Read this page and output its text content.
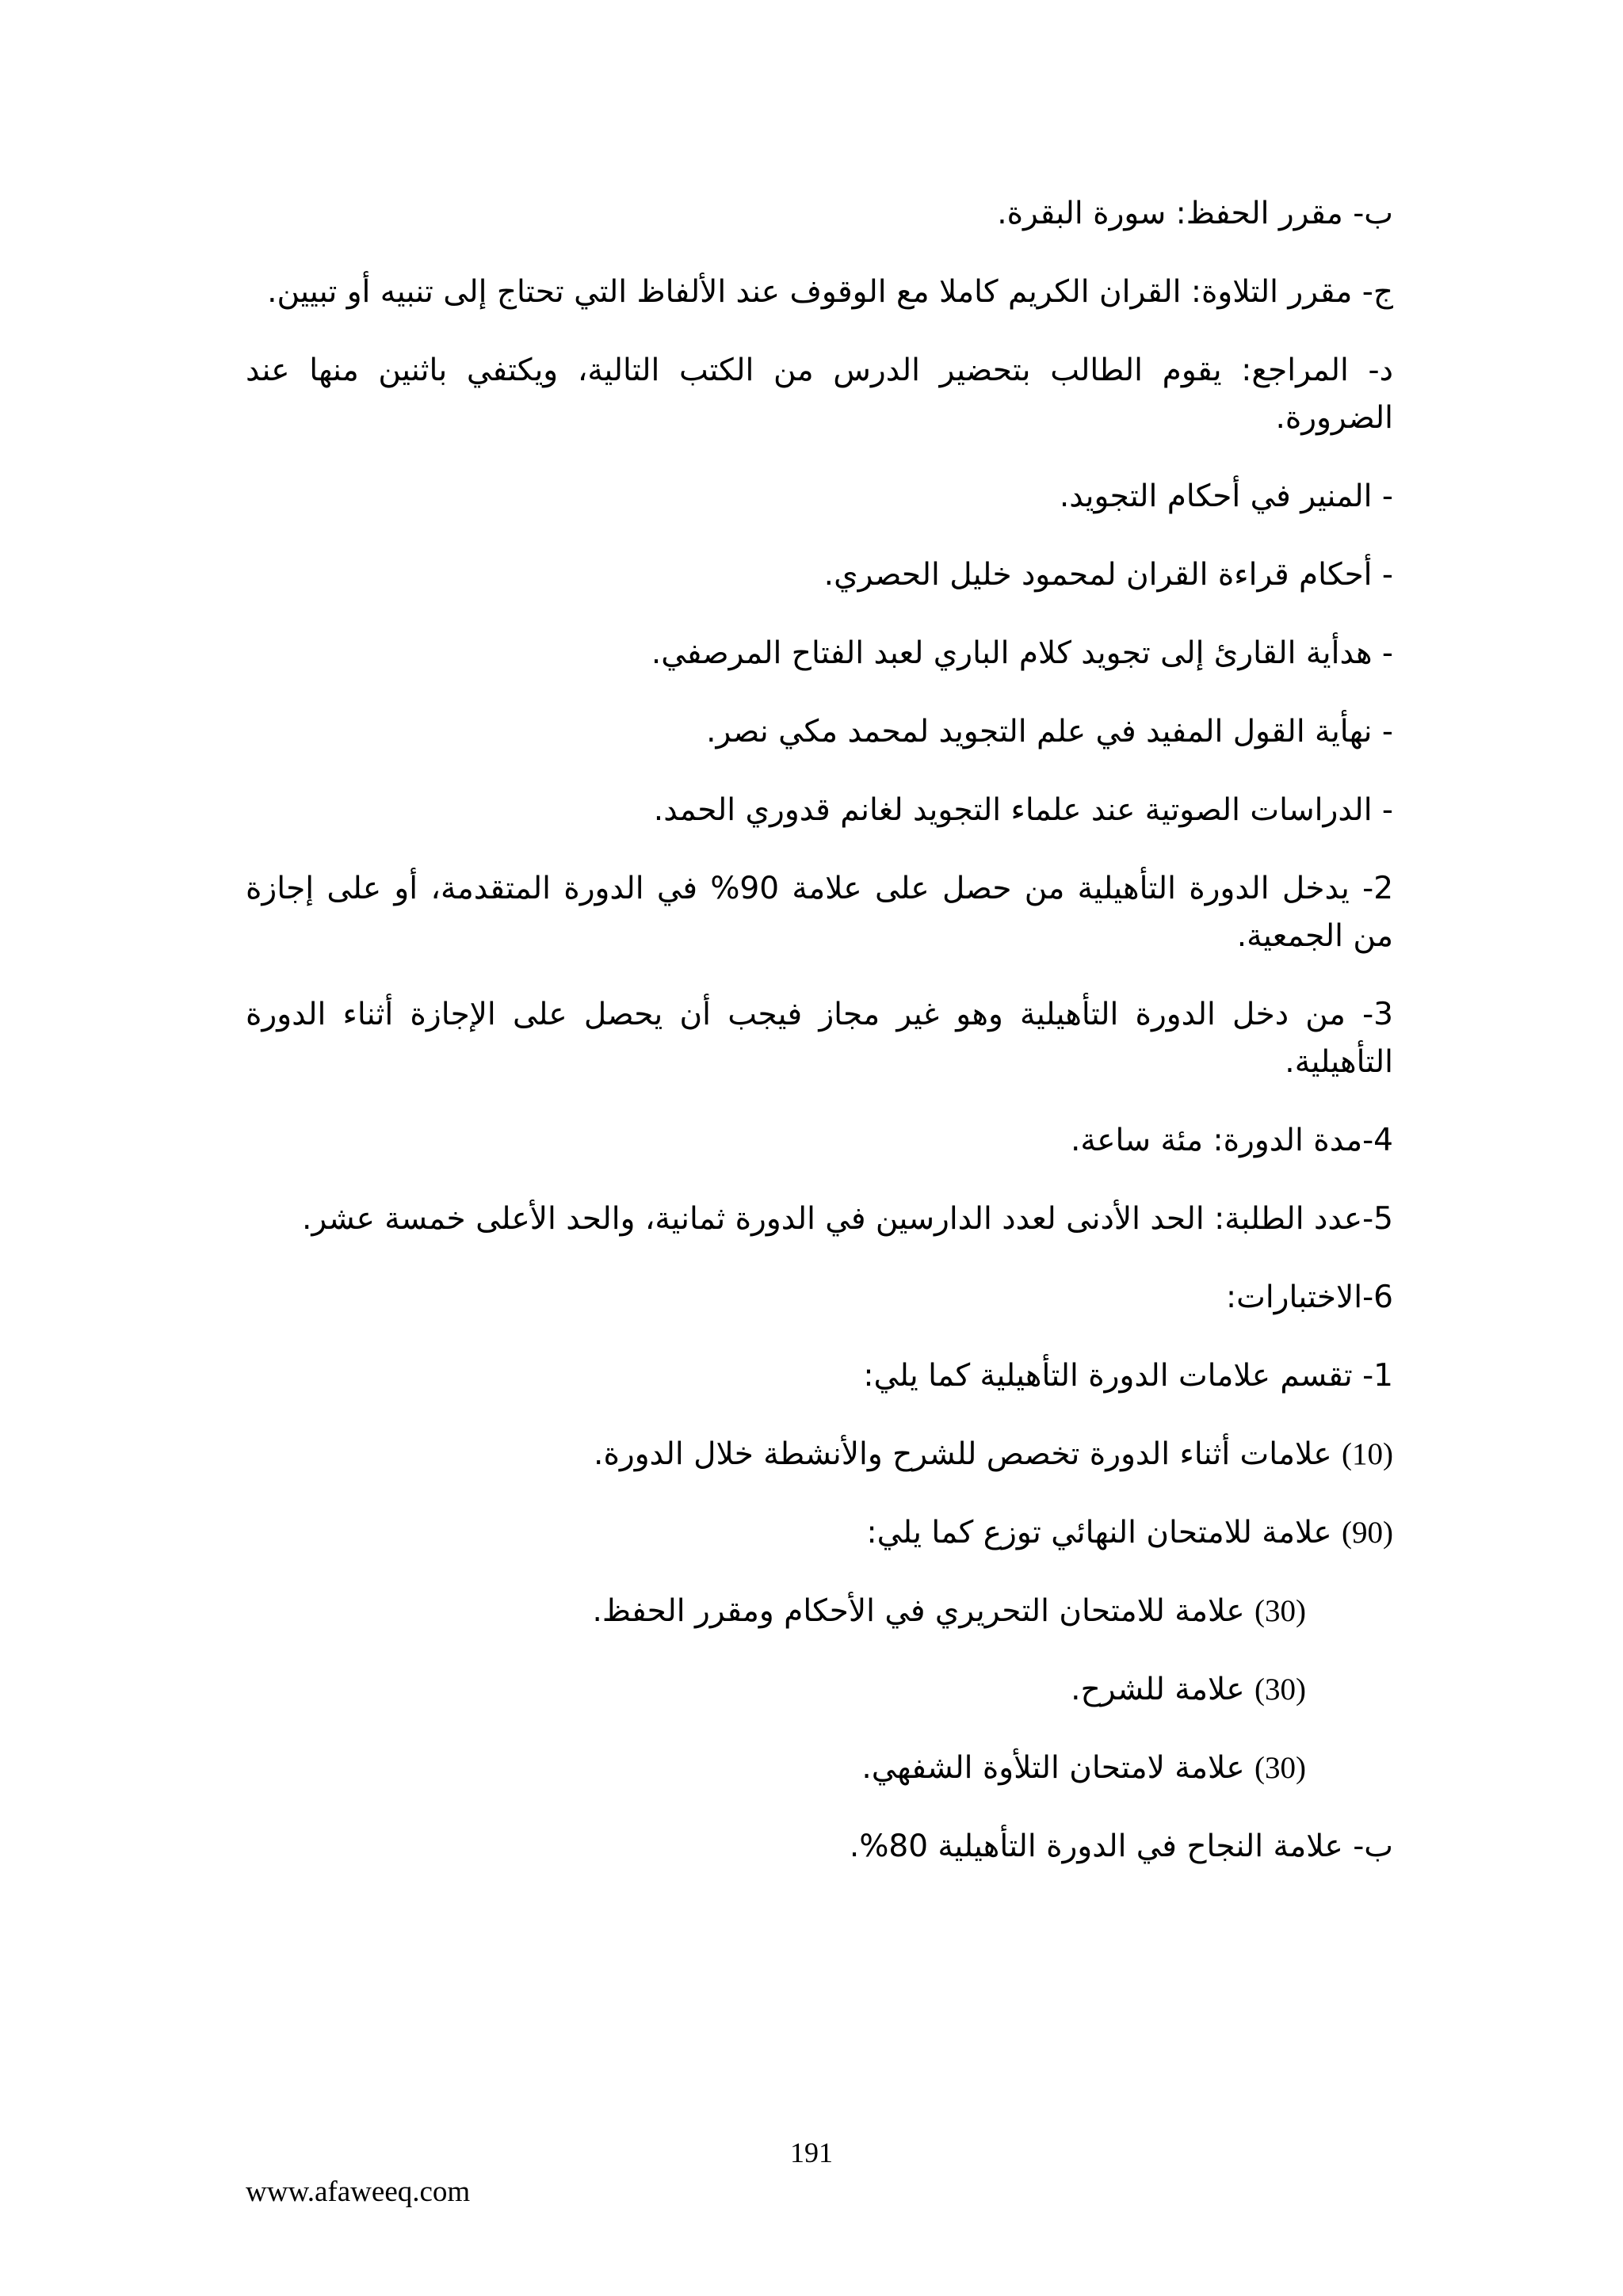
ب- مقرر الحفظ: سورة البقرة.

ج- مقرر التلاوة: القران الكريم كاملا مع الوقوف عند الألفاظ التي تحتاج إلى تنبيه أو تبيين.

د- المراجع: يقوم الطالب بتحضير الدرس من الكتب التالية، ويكتفي باثنين منها عند الضرورة.

- المنير في أحكام التجويد.

- أحكام قراءة القران لمحمود خليل الحصري.

- هدأية القارئ إلى تجويد كلام الباري لعبد الفتاح المرصفي.

- نهأية القول المفيد في علم التجويد لمحمد مكي نصر.

- الدراسات الصوتية عند علماء التجويد لغانم قدوري الحمد.

2- يدخل الدورة التأهيلية من حصل على علامة 90% في الدورة المتقدمة، أو على إجازة من الجمعية.

3- من دخل الدورة التأهيلية وهو غير مجاز فيجب أن يحصل على الإجازة أثناء الدورة التأهيلية.

4-مدة الدورة: مئة ساعة.

5-عدد الطلبة: الحد الأدنى لعدد الدارسين في الدورة ثمانية، والحد الأعلى خمسة عشر.

6-الاختبارات:

1- تقسم علامات الدورة التأهيلية كما يلي:

(10) علامات أثناء الدورة تخصص للشرح والأنشطة خلال الدورة.

(90) علامة للامتحان النهائي توزع كما يلي:

(30) علامة للامتحان التحريري في الأحكام ومقرر الحفظ.

(30) علامة للشرح.

(30) علامة لامتحان التلأوة الشفهي.

ب- علامة النجاح في الدورة التأهيلية 80%.

191
www.afaweeq.com
